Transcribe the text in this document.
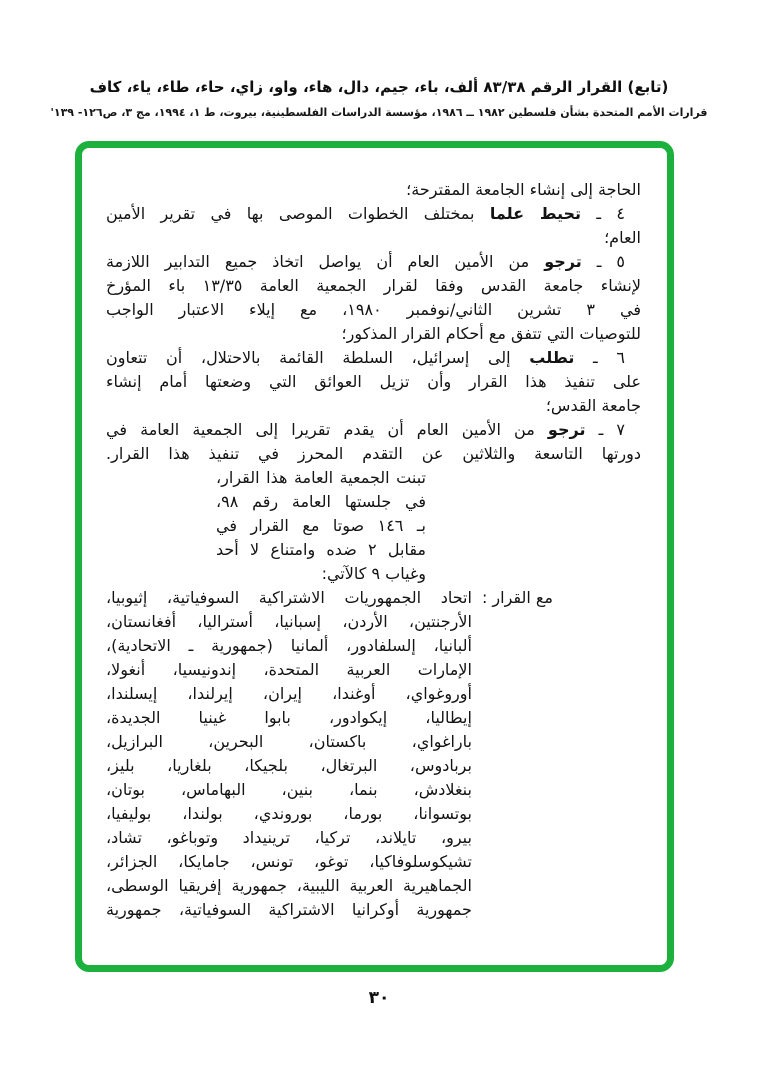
(تابع) القرار الرقم ٨٣/٣٨ ألف، باء، جيم، دال، هاء، واو، زاي، حاء، طاء، ياء، كاف
قرارات الأمم المتحدة بشأن فلسطين ١٩٨٢ ــ ١٩٨٦، مؤسسة الدراسات الفلسطينية، بيروت، ط ١، ١٩٩٤، مج ٣، ص١٢٦- ١٣٩'
الحاجة إلى إنشاء الجامعة المقترحة؛
٤ ـ تحيط علما بمختلف الخطوات الموصى بها في تقرير الأمين
العام؛
٥ ـ ترجو من الأمين العام أن يواصل اتخاذ جميع التدابير اللازمة
لإنشاء جامعة القدس وفقا لقرار الجمعية العامة ١٣/٣٥ باء المؤرخ
في ٣ تشرين الثاني/نوفمبر ١٩٨٠، مع إيلاء الاعتبار الواجب
للتوصيات التي تتفق مع أحكام القرار المذكور؛
٦ ـ تطلب إلى إسرائيل، السلطة القائمة بالاحتلال، أن تتعاون
على تنفيذ هذا القرار وأن تزيل العوائق التي وضعتها أمام إنشاء
جامعة القدس؛
٧ ـ ترجو من الأمين العام أن يقدم تقريرا إلى الجمعية العامة في
دورتها التاسعة والثلاثين عن التقدم المحرز في تنفيذ هذا القرار.
تبنت الجمعية العامة هذا القرار،
في جلستها العامة رقم ٩٨،
بـ ١٤٦ صوتا مع القرار في
مقابل ٢ ضده وامتناع لا أحد
وغياب ٩ كالآتي:
مع القرار :
اتحاد الجمهوريات الاشتراكية السوفياتية، إثيوبيا،
الأرجنتين، الأردن، إسبانيا، أستراليا، أفغانستان،
ألبانيا، إلسلفادور، ألمانيا (جمهورية ـ الاتحادية)،
الإمارات العربية المتحدة، إندونيسيا، أنغولا،
أوروغواي، أوغندا، إيران، إيرلندا، إيسلندا،
إيطاليا، إيكوادور، بابوا غينيا الجديدة،
باراغواي، باكستان، البحرين، البرازيل،
بربادوس، البرتغال، بلجيكا، بلغاريا، بليز،
بنغلادش، بنما، بنين، البهاماس، بوتان،
بوتسوانا، بورما، بوروندي، بولندا، بوليفيا،
بيرو، تايلاند، تركيا، ترينيداد وتوباغو، تشاد،
تشيكوسلوفاكيا، توغو، تونس، جامايكا، الجزائر،
الجماهيرية العربية الليبية، جمهورية إفريقيا الوسطى،
جمهورية أوكرانيا الاشتراكية السوفياتية، جمهورية
٣٠
